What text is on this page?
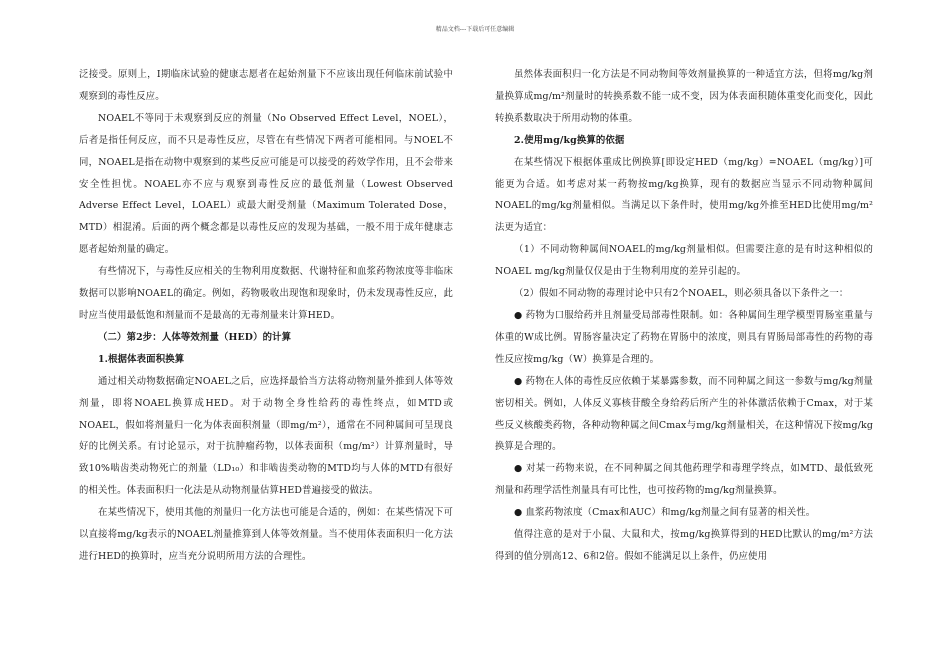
精品文档---下载后可任意编辑

泛接受。原则上，I期临床试验的健康志愿者在起始剂量下不应该出现任何临床前试验中观察到的毒性反应。

NOAEL不等同于未观察到反应的剂量（No Observed Effect Level，NOEL），后者是指任何反应，而不只是毒性反应，尽管在有些情况下两者可能相同。与NOEL不同，NOAEL是指在动物中观察到的某些反应可能是可以接受的药效学作用，且不会带来安全性担忧。NOAEL亦不应与观察到毒性反应的最低剂量（Lowest Observed Adverse Effect Level，LOAEL）或最大耐受剂量（Maximum Tolerated Dose，MTD）相混淆。后面的两个概念都是以毒性反应的发现为基础，一般不用于成年健康志愿者起始剂量的确定。

有些情况下，与毒性反应相关的生物利用度数据、代谢特征和血浆药物浓度等非临床数据可以影响NOAEL的确定。例如，药物吸收出现饱和现象时，仍未发现毒性反应，此时应当使用最低饱和剂量而不是最高的无毒剂量来计算HED。

（二）第2步：人体等效剂量（HED）的计算

1.根据体表面积换算

通过相关动物数据确定NOAEL之后，应选择最恰当方法将动物剂量外推到人体等效剂量，即将NOAEL换算成HED。对于动物全身性给药的毒性终点，如MTD或NOAEL，假如将剂量归一化为体表面积剂量（即mg/m²），通常在不同种属间可呈现良好的比例关系。有讨论显示，对于抗肿瘤药物，以体表面积（mg/m²）计算剂量时，导致10%啮齿类动物死亡的剂量（LD₁₀）和非啮齿类动物的MTD均与人体的MTD有很好的相关性。体表面积归一化法是从动物剂量估算HED普遍接受的做法。

在某些情况下，使用其他的剂量归一化方法也可能是合适的，例如：在某些情况下可以直接将mg/kg表示的NOAEL剂量推算到人体等效剂量。当不使用体表面积归一化方法进行HED的换算时，应当充分说明所用方法的合理性。

虽然体表面积归一化方法是不同动物间等效剂量换算的一种适宜方法，但将mg/kg剂量换算成mg/m²剂量时的转换系数不能一成不变，因为体表面积随体重变化而变化，因此转换系数取决于所用动物的体重。

2.使用mg/kg换算的依据

在某些情况下根据体重成比例换算[即设定HED（mg/kg）=NOAEL（mg/kg）]可能更为合适。如考虑对某一药物按mg/kg换算，现有的数据应当显示不同动物种属间NOAEL的mg/kg剂量相似。当满足以下条件时，使用mg/kg外推至HED比使用mg/m²法更为适宜：

（1）不同动物种属间NOAEL的mg/kg剂量相似。但需要注意的是有时这种相似的NOAEL mg/kg剂量仅仅是由于生物利用度的差异引起的。

（2）假如不同动物的毒理讨论中只有2个NOAEL，则必须具备以下条件之一：

● 药物为口服给药并且剂量受局部毒性限制。如：各种属间生理学模型胃肠室重量与体重的W成比例。胃肠容量决定了药物在胃肠中的浓度，则具有胃肠局部毒性的药物的毒性反应按mg/kg（W）换算是合理的。

● 药物在人体的毒性反应依赖于某暴露参数，而不同种属之间这一参数与mg/kg剂量密切相关。例如，人体反义寡核苷酸全身给药后所产生的补体激活依赖于Cmax，对于某些反义核酸类药物，各种动物种属之间Cmax与mg/kg剂量相关，在这种情况下按mg/kg换算是合理的。

● 对某一药物来说，在不同种属之间其他药理学和毒理学终点，如MTD、最低致死剂量和药理学活性剂量具有可比性，也可按药物的mg/kg剂量换算。

● 血浆药物浓度（Cmax和AUC）和mg/kg剂量之间有显著的相关性。

值得注意的是对于小鼠、大鼠和犬，按mg/kg换算得到的HED比默认的mg/m²方法得到的值分别高12、6和2倍。假如不能满足以上条件，仍应使用
